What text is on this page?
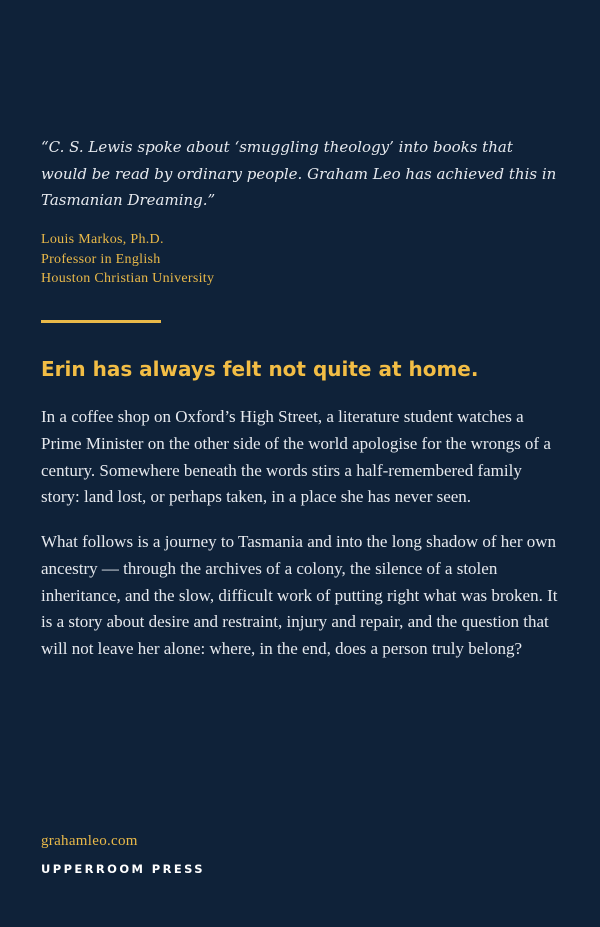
“C. S. Lewis spoke about ‘smuggling theology’ into books that would be read by ordinary people. Graham Leo has achieved this in Tasmanian Dreaming.”

Louis Markos, Ph.D.
Professor in English
Houston Christian University
Erin has always felt not quite at home.

In a coffee shop on Oxford’s High Street, a literature student watches a Prime Minister on the other side of the world apologise for the wrongs of a century. Somewhere beneath the words stirs a half-remembered family story: land lost, or perhaps taken, in a place she has never seen.

What follows is a journey to Tasmania and into the long shadow of her own ancestry — through the archives of a colony, the silence of a stolen inheritance, and the slow, difficult work of putting right what was broken. It is a story about desire and restraint, injury and repair, and the question that will not leave her alone: where, in the end, does a person truly belong?

grahamleo.com

UPPERROOM PRESS
